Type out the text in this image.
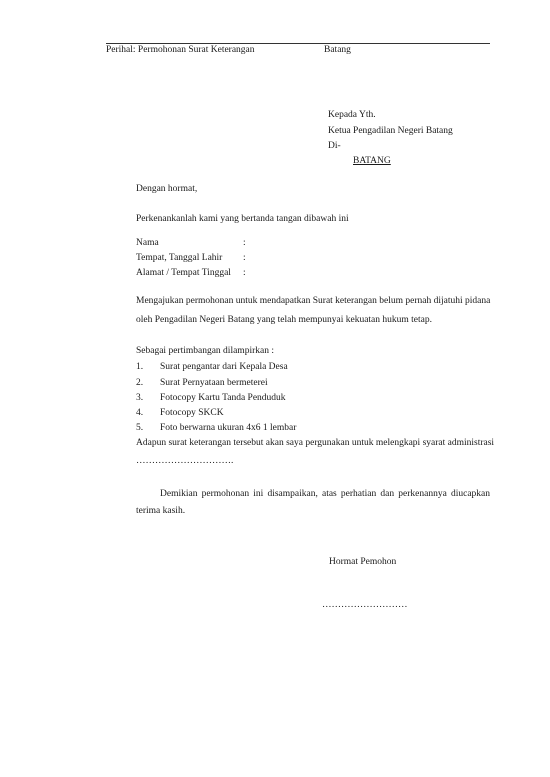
Perihal: Permohonan Surat Keterangan	Batang
Kepada Yth.
Ketua Pengadilan Negeri Batang
Di-
BATANG
Dengan hormat,
Perkenankanlah kami yang bertanda tangan dibawah ini
Nama	:
Tempat, Tanggal Lahir :
Alamat / Tempat Tinggal :
Mengajukan permohonan untuk mendapatkan Surat keterangan belum pernah dijatuhi pidana
oleh Pengadilan Negeri Batang yang telah mempunyai kekuatan hukum tetap.
Sebagai pertimbangan dilampirkan :
1. Surat pengantar dari Kepala Desa
2. Surat Pernyataan bermeterei
3. Fotocopy Kartu Tanda Penduduk
4. Fotocopy SKCK
5. Foto berwarna ukuran 4x6 1 lembar
Adapun surat keterangan tersebut akan saya pergunakan untuk melengkapi syarat administrasi
………………………….
Demikian permohonan ini disampaikan, atas perhatian dan perkenannya diucapkan
terima kasih.
Hormat Pemohon
………………………
